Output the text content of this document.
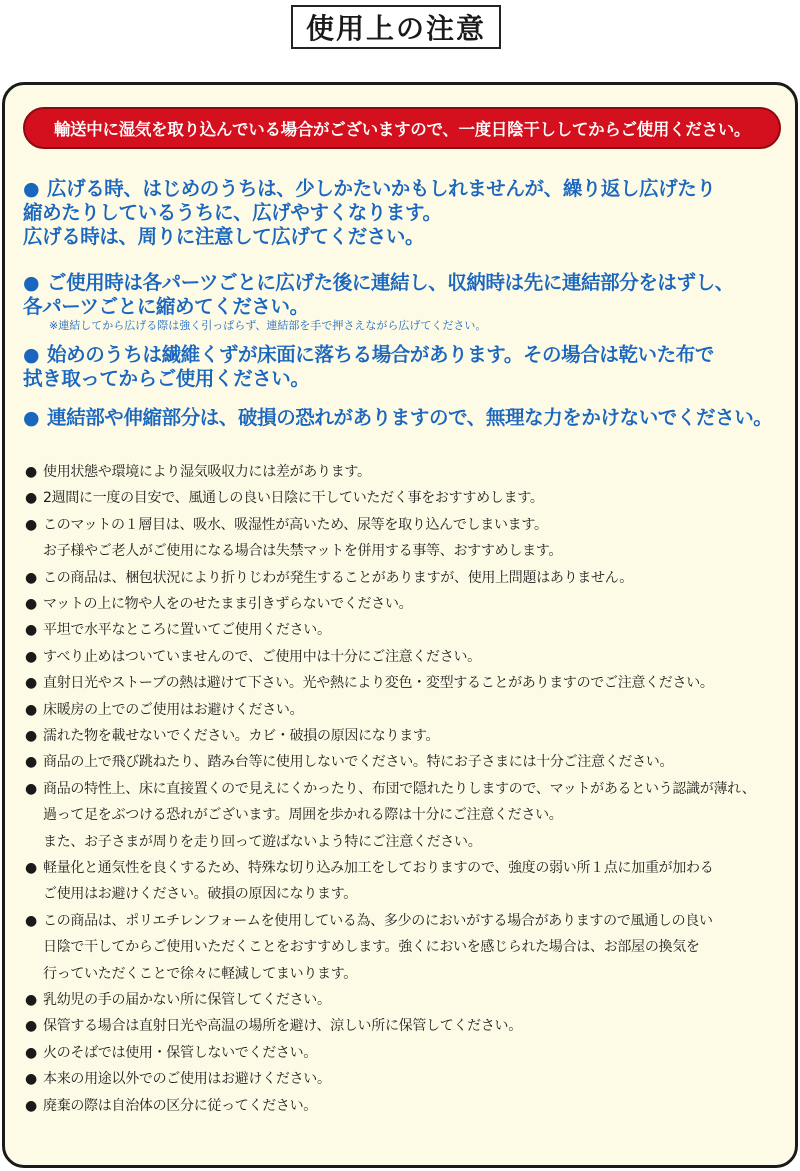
使用上の注意
輸送中に湿気を取り込んでいる場合がございますので、一度日陰干ししてからご使用ください。
● 広げる時、はじめのうちは、少しかたいかもしれませんが、繰り返し広げたり
縮めたりしているうちに、広げやすくなります。
広げる時は、周りに注意して広げてください。
● ご使用時は各パーツごとに広げた後に連結し、収納時は先に連結部分をはずし、
各パーツごとに縮めてください。
※連結してから広げる際は強く引っぱらず、連結部を手で押さえながら広げてください。
● 始めのうちは繊維くずが床面に落ちる場合があります。その場合は乾いた布で
拭き取ってからご使用ください。
● 連結部や伸縮部分は、破損の恐れがありますので、無理な力をかけないでください。
● 使用状態や環境により湿気吸収力には差があります。
● 2週間に一度の目安で、風通しの良い日陰に干していただく事をおすすめします。
● このマットの１層目は、吸水、吸湿性が高いため、尿等を取り込んでしまいます。
お子様やご老人がご使用になる場合は失禁マットを併用する事等、おすすめします。
● この商品は、梱包状況により折りじわが発生することがありますが、使用上問題はありません。
● マットの上に物や人をのせたまま引きずらないでください。
● 平坦で水平なところに置いてご使用ください。
● すべり止めはついていませんので、ご使用中は十分にご注意ください。
● 直射日光やストーブの熱は避けて下さい。光や熱により変色・変型することがありますのでご注意ください。
● 床暖房の上でのご使用はお避けください。
● 濡れた物を載せないでください。カビ・破損の原因になります。
● 商品の上で飛び跳ねたり、踏み台等に使用しないでください。特にお子さまには十分ご注意ください。
● 商品の特性上、床に直接置くので見えにくかったり、布団で隠れたりしますので、マットがあるという認識が薄れ、
過って足をぶつける恐れがございます。周囲を歩かれる際は十分にご注意ください。
また、お子さまが周りを走り回って遊ばないよう特にご注意ください。
● 軽量化と通気性を良くするため、特殊な切り込み加工をしておりますので、強度の弱い所１点に加重が加わる
ご使用はお避けください。破損の原因になります。
● この商品は、ポリエチレンフォームを使用している為、多少のにおいがする場合がありますので風通しの良い
日陰で干してからご使用いただくことをおすすめします。強くにおいを感じられた場合は、お部屋の換気を
行っていただくことで徐々に軽減してまいります。
● 乳幼児の手の届かない所に保管してください。
● 保管する場合は直射日光や高温の場所を避け、涼しい所に保管してください。
● 火のそばでは使用・保管しないでください。
● 本来の用途以外でのご使用はお避けください。
● 廃棄の際は自治体の区分に従ってください。
